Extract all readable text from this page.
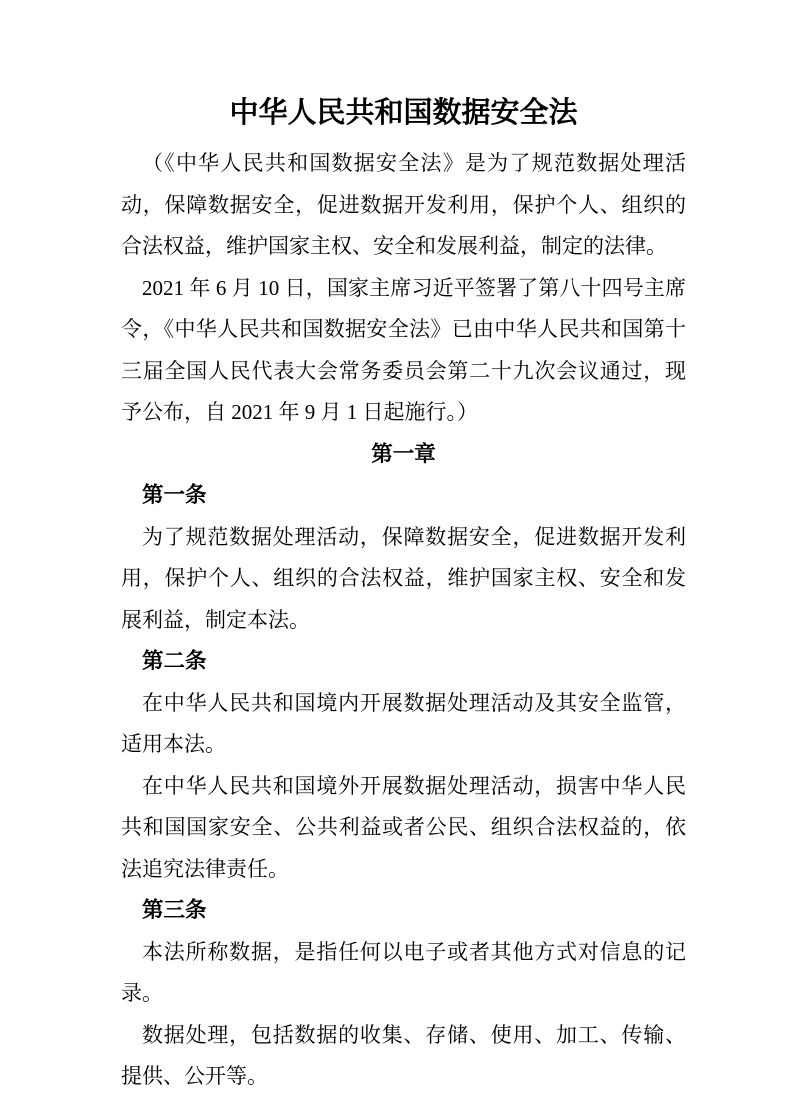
中华人民共和国数据安全法

（《中华人民共和国数据安全法》是为了规范数据处理活动，保障数据安全，促进数据开发利用，保护个人、组织的合法权益，维护国家主权、安全和发展利益，制定的法律。

2021 年 6 月 10 日，国家主席习近平签署了第八十四号主席令，《中华人民共和国数据安全法》已由中华人民共和国第十三届全国人民代表大会常务委员会第二十九次会议通过，现予公布，自 2021 年 9 月 1 日起施行。）

第一章
第一条

为了规范数据处理活动，保障数据安全，促进数据开发利用，保护个人、组织的合法权益，维护国家主权、安全和发展利益，制定本法。

第二条

在中华人民共和国境内开展数据处理活动及其安全监管，适用本法。

在中华人民共和国境外开展数据处理活动，损害中华人民共和国国家安全、公共利益或者公民、组织合法权益的，依法追究法律责任。

第三条

本法所称数据，是指任何以电子或者其他方式对信息的记录。

数据处理，包括数据的收集、存储、使用、加工、传输、提供、公开等。
